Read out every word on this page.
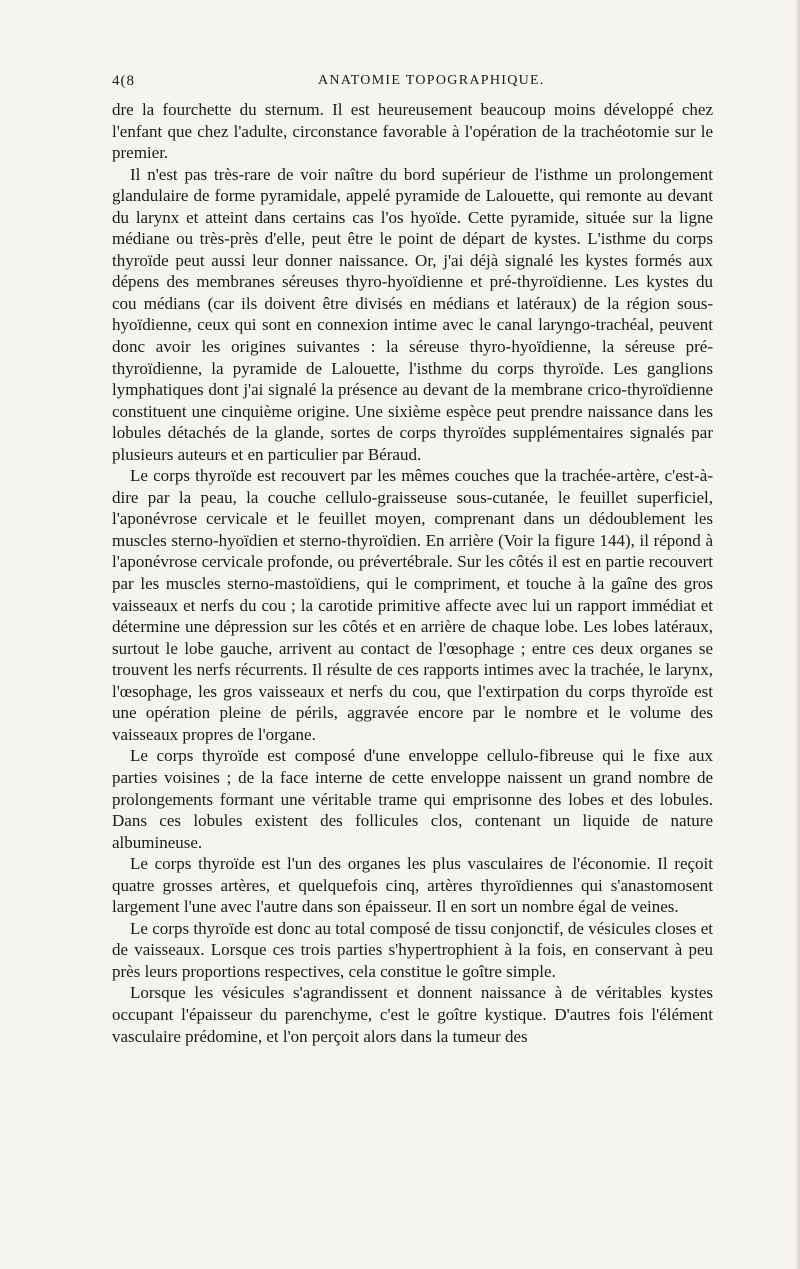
4(8	ANATOMIE TOPOGRAPHIQUE.

dre la fourchette du sternum. Il est heureusement beaucoup moins développé chez l'enfant que chez l'adulte, circonstance favorable à l'opération de la trachéotomie sur le premier.

Il n'est pas très-rare de voir naître du bord supérieur de l'isthme un prolongement glandulaire de forme pyramidale, appelé pyramide de Lalouette, qui remonte au devant du larynx et atteint dans certains cas l'os hyoïde. Cette pyramide, située sur la ligne médiane ou très-près d'elle, peut être le point de départ de kystes. L'isthme du corps thyroïde peut aussi leur donner naissance. Or, j'ai déjà signalé les kystes formés aux dépens des membranes séreuses thyro-hyoïdienne et pré-thyroïdienne. Les kystes du cou médians (car ils doivent être divisés en médians et latéraux) de la région sous-hyoïdienne, ceux qui sont en connexion intime avec le canal laryngo-trachéal, peuvent donc avoir les origines suivantes : la séreuse thyro-hyoïdienne, la séreuse pré-thyroïdienne, la pyramide de Lalouette, l'isthme du corps thyroïde. Les ganglions lymphatiques dont j'ai signalé la présence au devant de la membrane crico-thyroïdienne constituent une cinquième origine. Une sixième espèce peut prendre naissance dans les lobules détachés de la glande, sortes de corps thyroïdes supplémentaires signalés par plusieurs auteurs et en particulier par Béraud.

Le corps thyroïde est recouvert par les mêmes couches que la trachée-artère, c'est-à-dire par la peau, la couche cellulo-graisseuse sous-cutanée, le feuillet superficiel, l'aponévrose cervicale et le feuillet moyen, comprenant dans un dédoublement les muscles sterno-hyoïdien et sterno-thyroïdien. En arrière (Voir la figure 144), il répond à l'aponévrose cervicale profonde, ou prévertébrale. Sur les côtés il est en partie recouvert par les muscles sterno-mastoïdiens, qui le compriment, et touche à la gaîne des gros vaisseaux et nerfs du cou ; la carotide primitive affecte avec lui un rapport immédiat et détermine une dépression sur les côtés et en arrière de chaque lobe. Les lobes latéraux, surtout le lobe gauche, arrivent au contact de l'œsophage ; entre ces deux organes se trouvent les nerfs récurrents. Il résulte de ces rapports intimes avec la trachée, le larynx, l'œsophage, les gros vaisseaux et nerfs du cou, que l'extirpation du corps thyroïde est une opération pleine de périls, aggravée encore par le nombre et le volume des vaisseaux propres de l'organe.

Le corps thyroïde est composé d'une enveloppe cellulo-fibreuse qui le fixe aux parties voisines ; de la face interne de cette enveloppe naissent un grand nombre de prolongements formant une véritable trame qui emprisonne des lobes et des lobules. Dans ces lobules existent des follicules clos, contenant un liquide de nature albumineuse.

Le corps thyroïde est l'un des organes les plus vasculaires de l'économie. Il reçoit quatre grosses artères, et quelquefois cinq, artères thyroïdiennes qui s'anastomosent largement l'une avec l'autre dans son épaisseur. Il en sort un nombre égal de veines.

Le corps thyroïde est donc au total composé de tissu conjonctif, de vésicules closes et de vaisseaux. Lorsque ces trois parties s'hypertrophient à la fois, en conservant à peu près leurs proportions respectives, cela constitue le goître simple.

Lorsque les vésicules s'agrandissent et donnent naissance à de véritables kystes occupant l'épaisseur du parenchyme, c'est le goître kystique. D'autres fois l'élément vasculaire prédomine, et l'on perçoit alors dans la tumeur des
